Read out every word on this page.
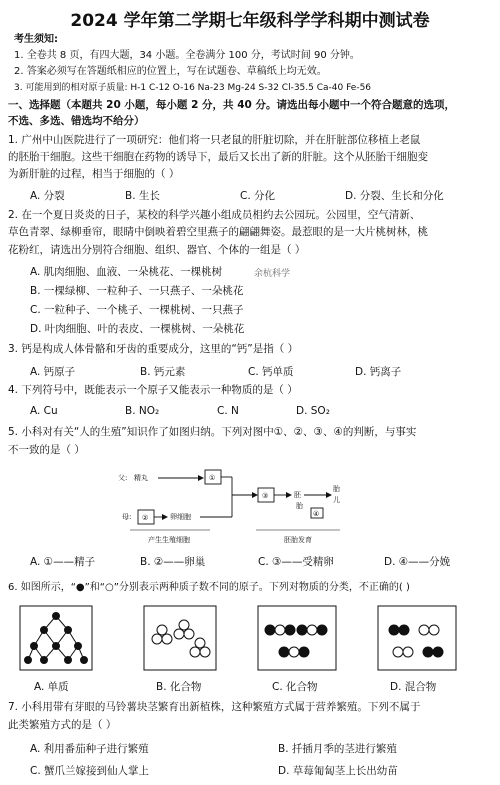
2024 学年第二学期七年级科学学科期中测试卷
考生须知:
1. 全卷共 8 页，有四大题，34 小题。全卷满分 100 分，考试时间 90 分钟。
2. 答案必须写在答题纸相应的位置上，写在试题卷、草稿纸上均无效。
3. 可能用到的相对原子质量: H-1 C-12 O-16 Na-23 Mg-24 S-32 Cl-35.5 Ca-40 Fe-56
一、选择题（本题共 20 小题，每小题 2 分，共 40 分。请选出每小题中一个符合题意的选项，
不选、多选、错选均不给分）
1. 广州中山医院进行了一项研究：他们将一只老鼠的肝脏切除，并在肝脏部位移植上老鼠
的胚胎干细胞。这些干细胞在药物的诱导下，最后又长出了新的肝脏。这个从胚胎干细胞变
为新肝脏的过程，相当于细胞的（ ）
A. 分裂	B. 生长	C. 分化	D. 分裂、生长和分化
2. 在一个夏日炎炎的日子，某校的科学兴趣小组成员相约去公园玩。公园里，空气清新、
草色青翠、绿柳垂帘，眼睛中倒映着碧空里燕子的翩翩舞姿。最惹眼的是一大片桃树林，桃
花粉红，请选出分别符合细胞、组织、器官、个体的一组是（ ）
A. 肌肉细胞、血液、一朵桃花、一棵桃树	余杭科学
B. 一棵绿柳、一粒种子、一只燕子、一朵桃花
C. 一粒种子、一个桃子、一棵桃树、一只燕子
D. 叶肉细胞、叶的表皮、一棵桃树、一朵桃花
3. 钙是构成人体骨骼和牙齿的重要成分，这里的“钙”是指（ ）
A. 钙原子	B. 钙元素	C. 钙单质	D. 钙离子
4. 下列符号中，既能表示一个原子又能表示一种物质的是（ ）
A. Cu	B. NO₂	C. N	D. SO₂
5. 小科对有关“人的生殖”知识作了如图归纳。下列对图中①、②、③、④的判断，与事实
不一致的是（ ）
父: 精丸	①
母: ②	卵细胞
③	胚
胎
儿
胎
④
产生生殖细胞	胚胎发育
A. ①——精子	B. ②——卵巢	C. ③——受精卵	D. ④——分娩
6. 如图所示，“●”和“○”分别表示两种质子数不同的原子。下列对物质的分类，不正确的( )
A. 单质	B. 化合物	C. 化合物	D. 混合物
7. 小科用带有芽眼的马铃薯块茎繁育出新植株，这种繁殖方式属于营养繁殖。下列不属于
此类繁殖方式的是（ ）
A. 利用番茄种子进行繁殖	B. 扦插月季的茎进行繁殖
C. 蟹爪兰嫁接到仙人掌上	D. 草莓匍匐茎上长出幼苗
